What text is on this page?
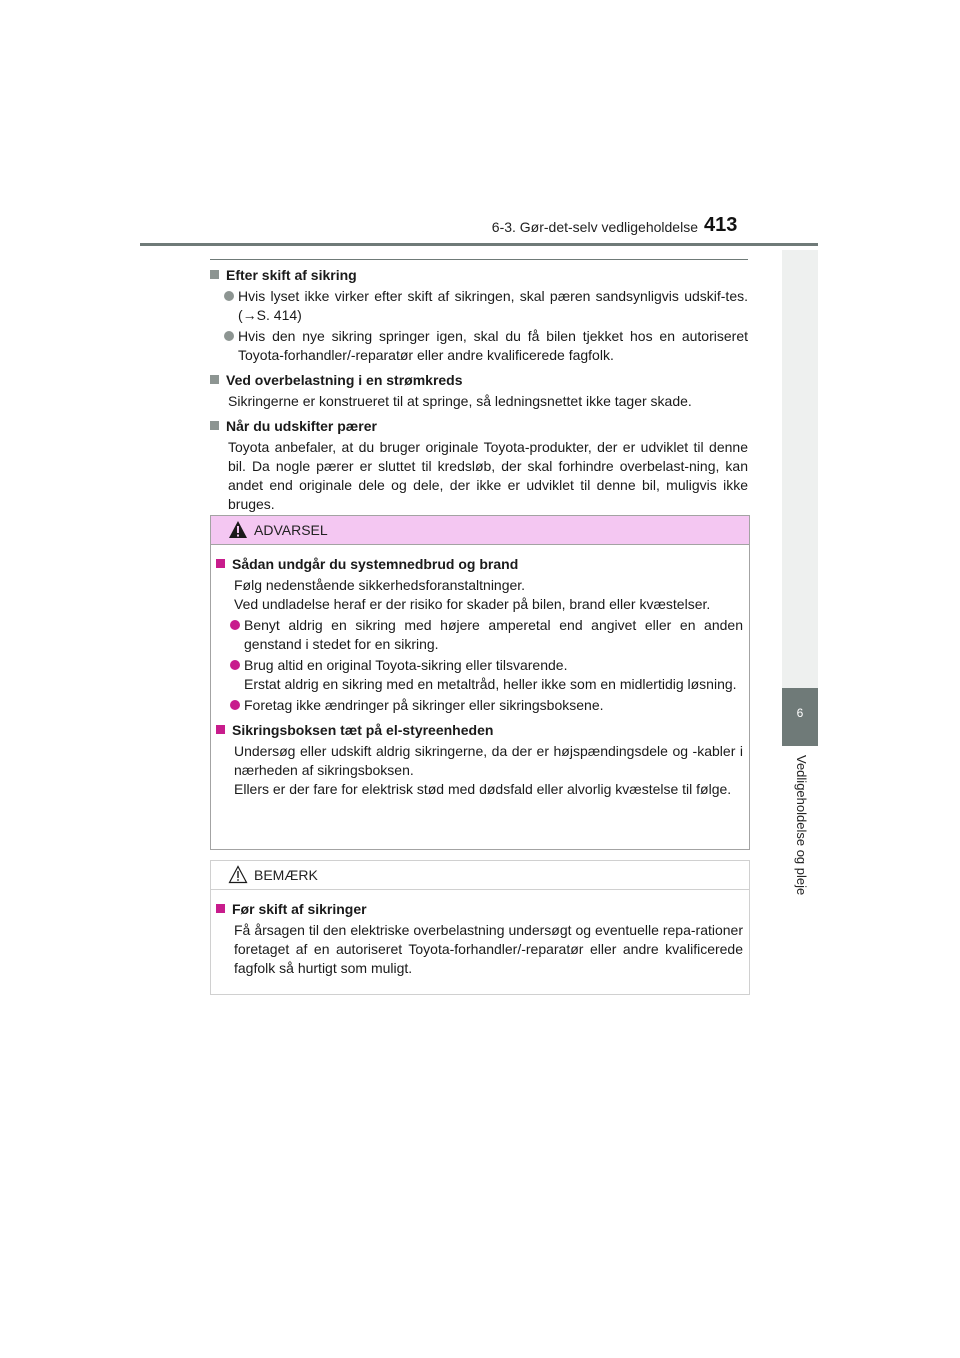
6-3. Gør-det-selv vedligeholdelse 413
6
Vedligeholdelse og pleje

Efter skift af sikring

Hvis lyset ikke virker efter skift af sikringen, skal pæren sandsynligvis udskif-tes. (→S. 414)

Hvis den nye sikring springer igen, skal du få bilen tjekket hos en autoriseret Toyota-forhandler/-reparatør eller andre kvalificerede fagfolk.

Ved overbelastning i en strømkreds

Sikringerne er konstrueret til at springe, så ledningsnettet ikke tager skade.

Når du udskifter pærer

Toyota anbefaler, at du bruger originale Toyota-produkter, der er udviklet til denne bil. Da nogle pærer er sluttet til kredsløb, der skal forhindre overbelast-ning, kan andet end originale dele og dele, der ikke er udviklet til denne bil, muligvis ikke bruges.

ADVARSEL

Sådan undgår du systemnedbrud og brand

Følg nedenstående sikkerhedsforanstaltninger.

Ved undladelse heraf er der risiko for skader på bilen, brand eller kvæstelser.

Benyt aldrig en sikring med højere amperetal end angivet eller en anden genstand i stedet for en sikring.

Brug altid en original Toyota-sikring eller tilsvarende.
Erstat aldrig en sikring med en metaltråd, heller ikke som en midlertidig løsning.

Foretag ikke ændringer på sikringer eller sikringsboksene.

Sikringsboksen tæt på el-styreenheden

Undersøg eller udskift aldrig sikringerne, da der er højspændingsdele og -kabler i nærheden af sikringsboksen.

Ellers er der fare for elektrisk stød med dødsfald eller alvorlig kvæstelse til følge.

BEMÆRK

Før skift af sikringer

Få årsagen til den elektriske overbelastning undersøgt og eventuelle repa-rationer foretaget af en autoriseret Toyota-forhandler/-reparatør eller andre kvalificerede fagfolk så hurtigt som muligt.
